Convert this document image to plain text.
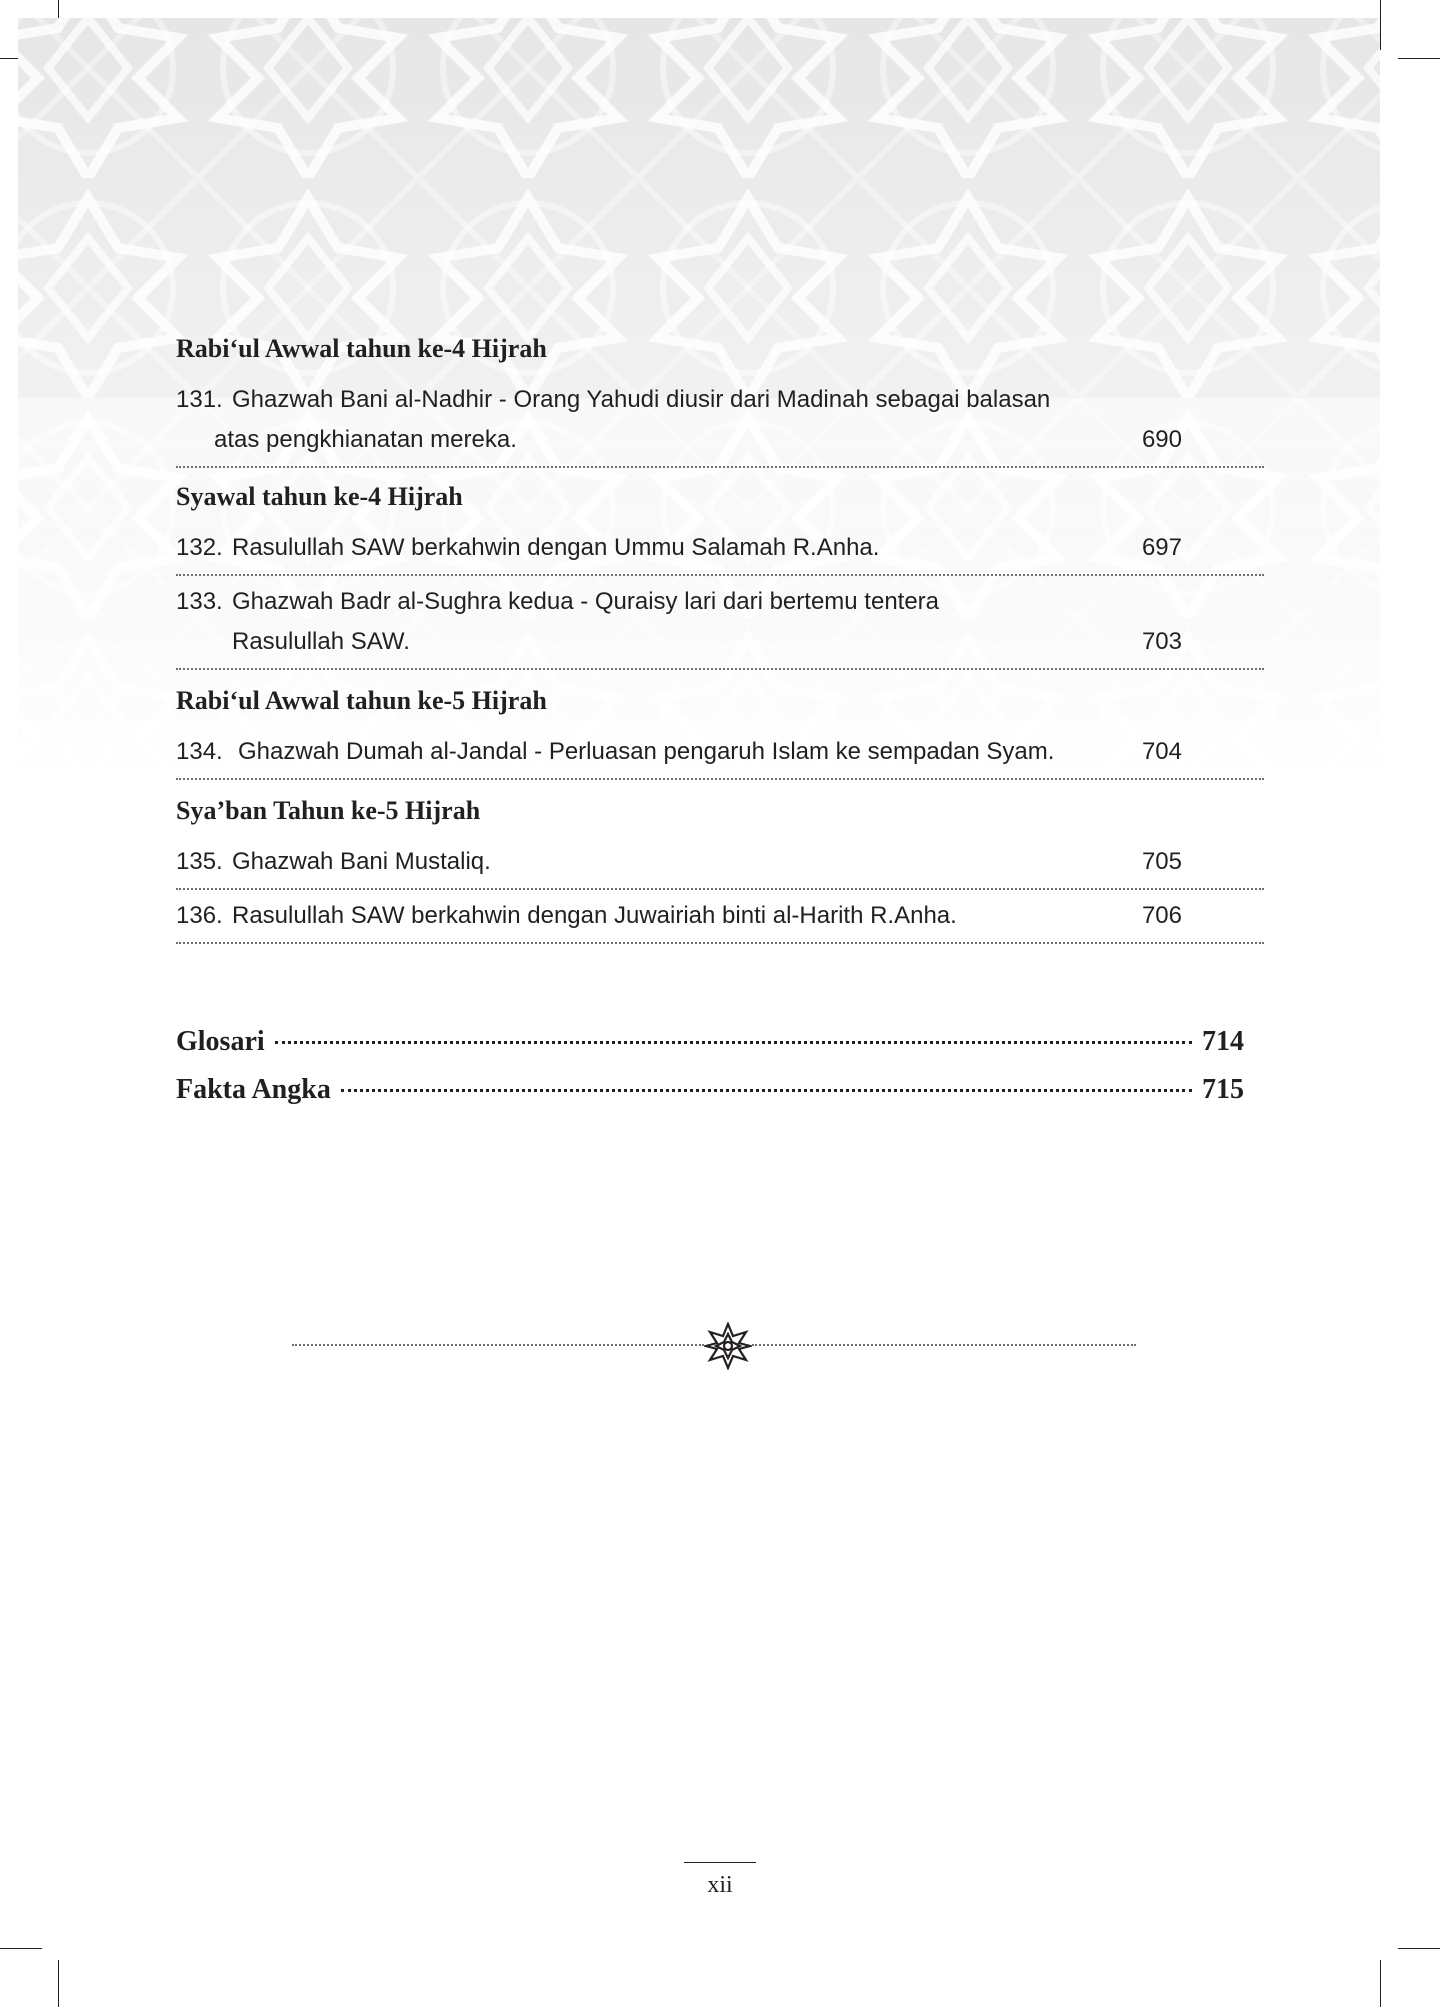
Rabi‘ul Awwal tahun ke-4 Hijrah
131. Ghazwah Bani al-Nadhir - Orang Yahudi diusir dari Madinah sebagai balasan
atas pengkhianatan mereka.	690
Syawal tahun ke-4 Hijrah
132. Rasulullah SAW berkahwin dengan Ummu Salamah R.Anha.	697
133. Ghazwah Badr al-Sughra kedua - Quraisy lari dari bertemu tentera
Rasulullah SAW.	703
Rabi‘ul Awwal tahun ke-5 Hijrah
134. Ghazwah Dumah al-Jandal - Perluasan pengaruh Islam ke sempadan Syam.	704
Sya’ban Tahun ke-5 Hijrah
135. Ghazwah Bani Mustaliq.	705
136. Rasulullah SAW berkahwin dengan Juwairiah binti al-Harith R.Anha.	706
Glosari	714
Fakta Angka	715
xii
